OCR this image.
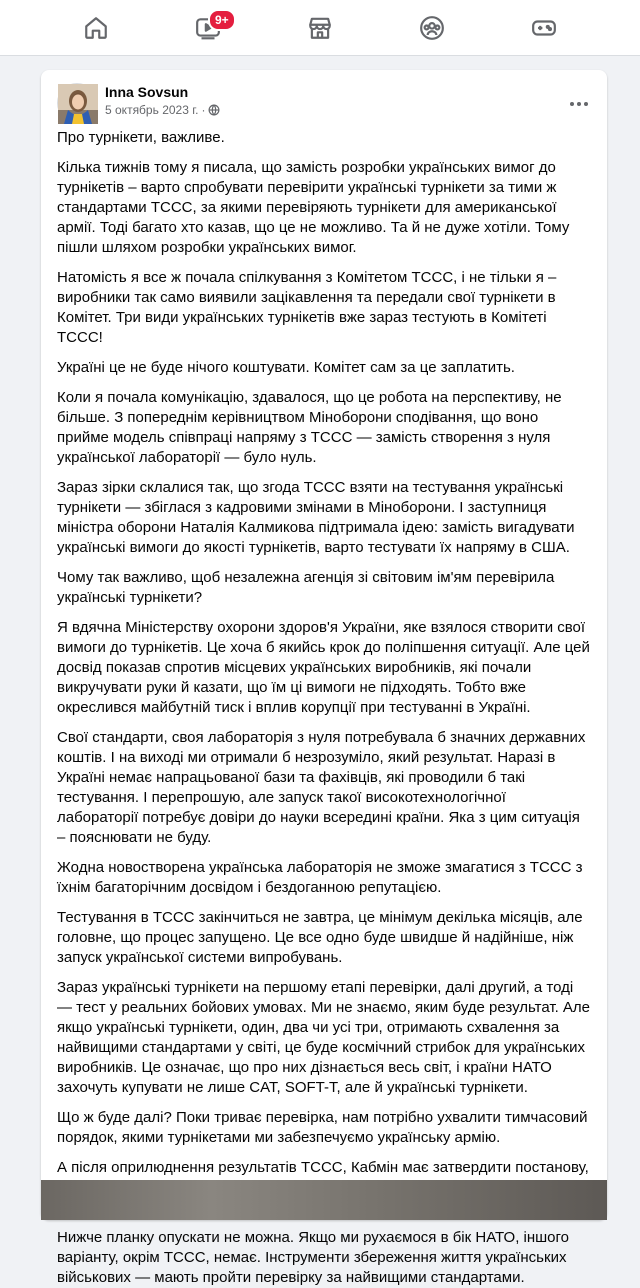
9+
Inna Sovsun
5 октябрь 2023 г. ·

Про турнікети, важливе.

Кілька тижнів тому я писала, що замість розробки українських вимог до турнікетів – варто спробувати перевірити українські турнікети за тими ж стандартами TCCC, за якими перевіряють турнікети для американської армії. Тоді багато хто казав, що це не можливо. Та й не дуже хотіли. Тому пішли шляхом розробки українських вимог.

Натомість я все ж почала спілкування з Комітетом TCCC, і не тільки я – виробники так само виявили зацікавлення та передали свої турнікети в Комітет. Три види українських турнікетів вже зараз тестують в Комітеті TCCC!

Україні це не буде нічого коштувати. Комітет сам за це заплатить.

Коли я почала комунікацію, здавалося, що це робота на перспективу, не більше. З попереднім керівництвом Міноборони сподівання, що воно прийме модель співпраці напряму з TCCC — замість створення з нуля української лабораторії — було нуль.

Зараз зірки склалися так, що згода TCCC взяти на тестування українські турнікети — збіглася з кадровими змінами в Міноборони. І заступниця міністра оборони Наталія Калмикова підтримала ідею: замість вигадувати українські вимоги до якості турнікетів, варто тестувати їх напряму в США.

Чому так важливо, щоб незалежна агенція зі світовим ім'ям перевірила українські турнікети?

Я вдячна Міністерству охорони здоров'я України, яке взялося створити свої вимоги до турнікетів. Це хоча б якийсь крок до поліпшення ситуації. Але цей досвід показав спротив місцевих українських виробників, які почали викручувати руки й казати, що їм ці вимоги не підходять. Тобто вже окреслився майбутній тиск і вплив корупції при тестуванні в Україні.

Свої стандарти, своя лабораторія з нуля потребувала б значних державних коштів. І на виході ми отримали б незрозуміло, який результат. Наразі в Україні немає напрацьованої бази та фахівців, які проводили б такі тестування. І перепрошую, але запуск такої високотехнологічної лабораторії потребує довіри до науки всередині країни. Яка з цим ситуація – пояснювати не буду.

Жодна новостворена українська лабораторія не зможе змагатися з TCCC з їхнім багаторічним досвідом і бездоганною репутацією.

Тестування в TCCC закінчиться не завтра, це мінімум декілька місяців, але головне, що процес запущено. Це все одно буде швидше й надійніше, ніж запуск української системи випробувань.

Зараз українські турнікети на першому етапі перевірки, далі другий, а тоді — тест у реальних бойових умовах. Ми не знаємо, яким буде результат. Але якщо українські турнікети, один, два чи усі три, отримають схвалення за найвищими стандартами у світі, це буде космічний стрибок для українських виробників. Це означає, що про них дізнається весь світ, і країни НАТО захочуть купувати не лише CAT, SOFT-T, але й українські турнікети.

Що ж буде далі? Поки триває перевірка, нам потрібно ухвалити тимчасовий порядок, якими турнікетами ми забезпечуємо українську армію.

А після оприлюднення результатів TCCC, Кабмін має затвердити постанову,

Нижче планку опускати не можна. Якщо ми рухаємося в бік НАТО, іншого варіанту, окрім TCCC, немає. Інструменти збереження життя українських військових — мають пройти перевірку за найвищими стандартами.
